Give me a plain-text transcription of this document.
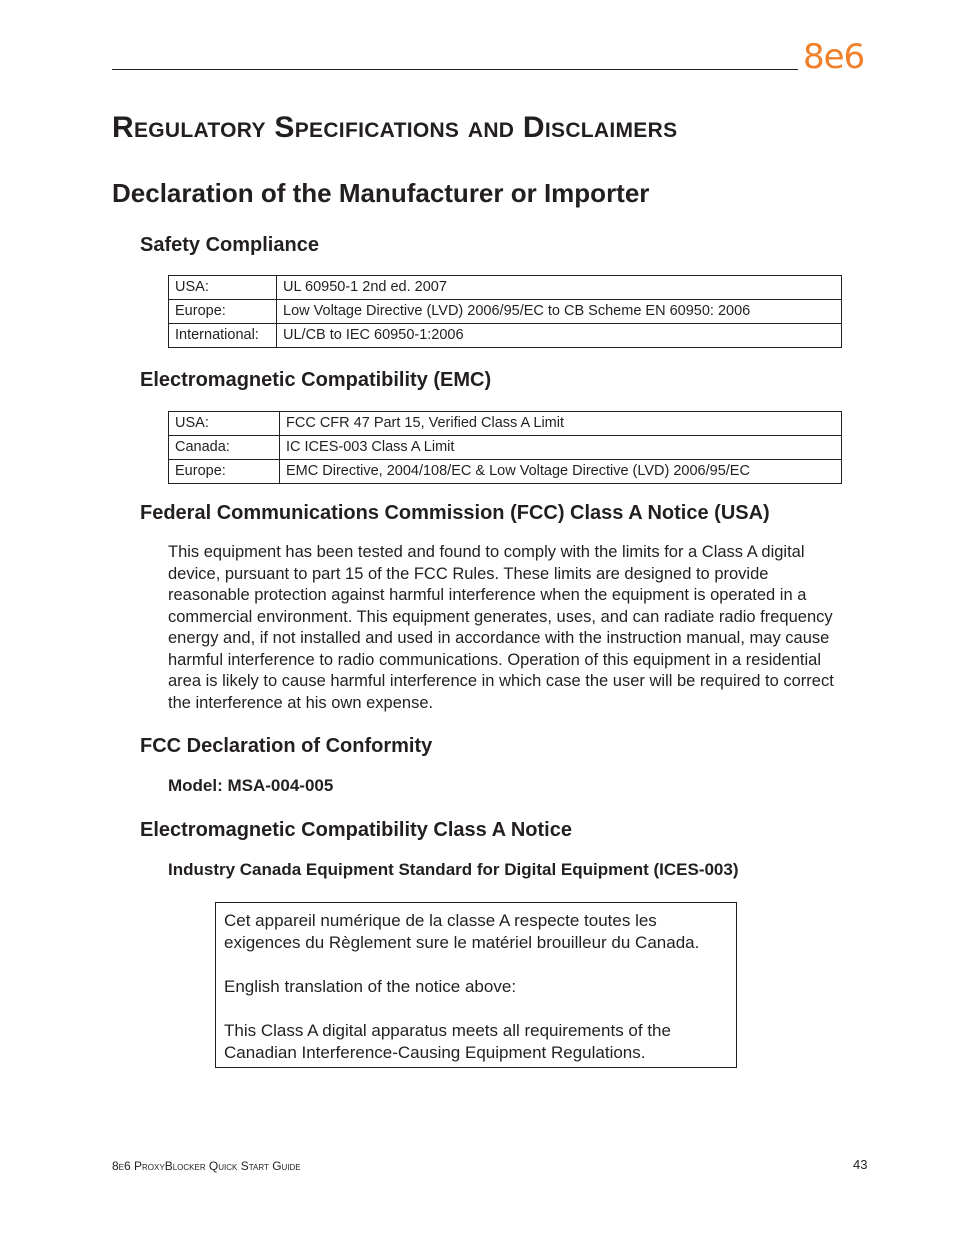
8e6
Regulatory Specifications and Disclaimers
Declaration of the Manufacturer or Importer
Safety Compliance
USA:	UL 60950-1 2nd ed. 2007
Europe:	Low Voltage Directive (LVD) 2006/95/EC to CB Scheme EN 60950: 2006
International:	UL/CB to IEC 60950-1:2006
Electromagnetic Compatibility (EMC)
USA:	FCC CFR 47 Part 15, Verified Class A Limit
Canada:	IC ICES-003 Class A Limit
Europe:	EMC Directive, 2004/108/EC & Low Voltage Directive (LVD) 2006/95/EC
Federal Communications Commission (FCC) Class A Notice (USA)

This equipment has been tested and found to comply with the limits for a Class A digital device, pursuant to part 15 of the FCC Rules. These limits are designed to provide reasonable protection against harmful interference when the equipment is operated in a commercial environment. This equipment generates, uses, and can radiate radio frequency energy and, if not installed and used in accordance with the instruction manual, may cause harmful interference to radio communications. Operation of this equipment in a residential area is likely to cause harmful interference in which case the user will be required to correct the interference at his own expense.

FCC Declaration of Conformity
Model: MSA-004-005
Electromagnetic Compatibility Class A Notice
Industry Canada Equipment Standard for Digital Equipment (ICES-003)

Cet appareil numérique de la classe A respecte toutes les exigences du Règlement sure le matériel brouilleur du Canada.

English translation of the notice above:

This Class A digital apparatus meets all requirements of the Canadian Interference-Causing Equipment Regulations.

8e6 ProxyBlocker Quick Start Guide	43
